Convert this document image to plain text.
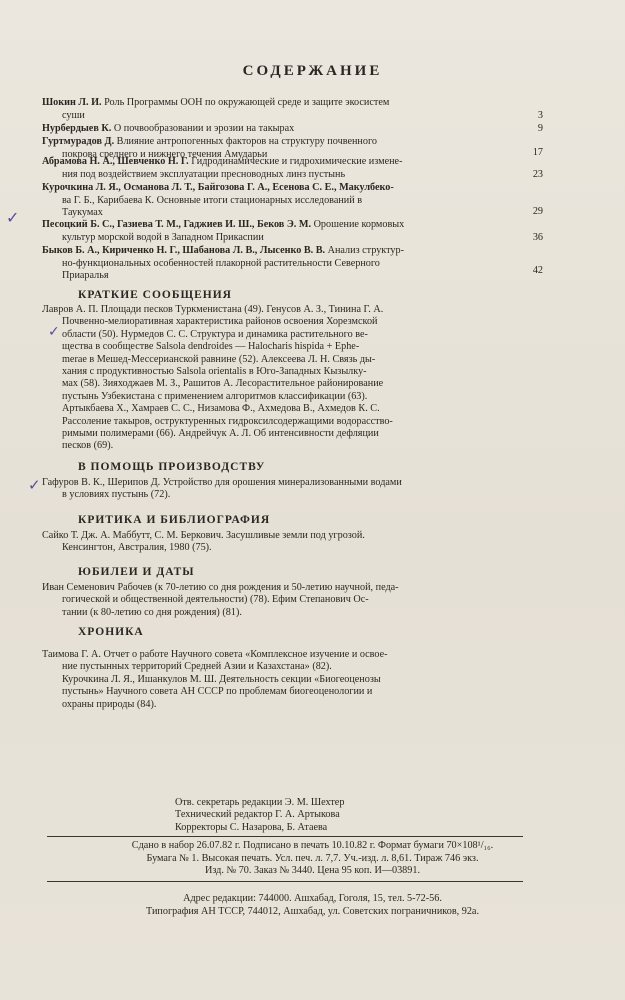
СОДЕРЖАНИЕ
Шокин Л. И. Роль Программы ООН по окружающей среде и защите экосистем
суши	3
Нурбердыев К. О почвообразовании и эрозии на такырах	9
Гуртмурадов Д. Влияние антропогенных факторов на структуру почвенного
покрова среднего и нижнего течения Амударьи	17
Абрамова Н. А., Шевченко Н. Г. Гидродинамические и гидрохимические измене-
ния под воздействием эксплуатации пресноводных линз пустынь	23
Курочкина Л. Я., Османова Л. Т., Байгозова Г. А., Есенова С. Е., Макулбеко-
ва Г. Б., Карибаева К. Основные итоги стационарных исследований в
Таукумах	29
Песоцкий Б. С., Газиева Т. М., Гаджиев И. Ш., Беков Э. М. Орошение кормовых
культур морской водой в Западном Прикаспии	36
Быков Б. А., Кириченко Н. Г., Шабанова Л. В., Лысенко В. В. Анализ структур-
но-функциональных особенностей плакорной растительности Северного
Приаралья	42
✓
✓
✓
КРАТКИЕ СООБЩЕНИЯ
Лавров А. П. Площади песков Туркменистана (49). Генусов А. З., Тинина Г. А.
Почвенно-мелиоративная характеристика районов освоения Хорезмской
области (50). Нурмедов С. С. Структура и динамика растительного ве-
щества в сообществе Salsola dendroides — Halocharis hispida + Ephe-
merae в Мешед-Мессерианской равнине (52). Алексеева Л. Н. Связь ды-
хания с продуктивностью Salsola orientalis в Юго-Западных Кызылку-
мах (58). Зияходжаев М. З., Рашитов А. Лесорастительное районирование
пустынь Узбекистана с применением алгоритмов классификации (63).
Артыкбаева Х., Хамраев С. С., Низамова Ф., Ахмедова В., Ахмедов К. С.
Рассоление такыров, оструктуренных гидроксилсодержащими водорасство-
римыми полимерами (66). Андрейчук А. Л. Об интенсивности дефляции
песков (69).
В ПОМОЩЬ ПРОИЗВОДСТВУ
Гафуров В. К., Шерипов Д. Устройство для орошения минерализованными водами
в условиях пустынь (72).
КРИТИКА И БИБЛИОГРАФИЯ
Сайко Т. Дж. А. Маббутт, С. М. Беркович. Засушливые земли под угрозой.
Кенсингтон, Австралия, 1980 (75).
ЮБИЛЕИ И ДАТЫ
Иван Семенович Рабочев (к 70-летию со дня рождения и 50-летию научной, педа-
гогической и общественной деятельности) (78). Ефим Степанович Ос-
тании (к 80-летию со дня рождения) (81).
ХРОНИКА
Таимова Г. А. Отчет о работе Научного совета «Комплексное изучение и освое-
ние пустынных территорий Средней Азии и Казахстана» (82).
Курочкина Л. Я., Ишанкулов М. Ш. Деятельность секции «Биогеоценозы
пустынь» Научного совета АН СССР по проблемам биогеоценологии и
охраны природы (84).
Отв. секретарь редакции Э. М. Шехтер
Технический редактор Г. А. Артыкова
Корректоры С. Назарова, Б. Атаева
Сдано в набор 26.07.82 г. Подписано в печать 10.10.82 г. Формат бумаги 70×108¹/₁₆.
Бумага № 1. Высокая печать. Усл. печ. л. 7,7. Уч.-изд. л. 8,61. Тираж 746 экз.
Изд. № 70. Заказ № 3440. Цена 95 коп. И—03891.
Адрес редакции: 744000. Ашхабад, Гоголя, 15, тел. 5-72-56.
Типография АН ТССР, 744012, Ашхабад, ул. Советских пограничников, 92а.
